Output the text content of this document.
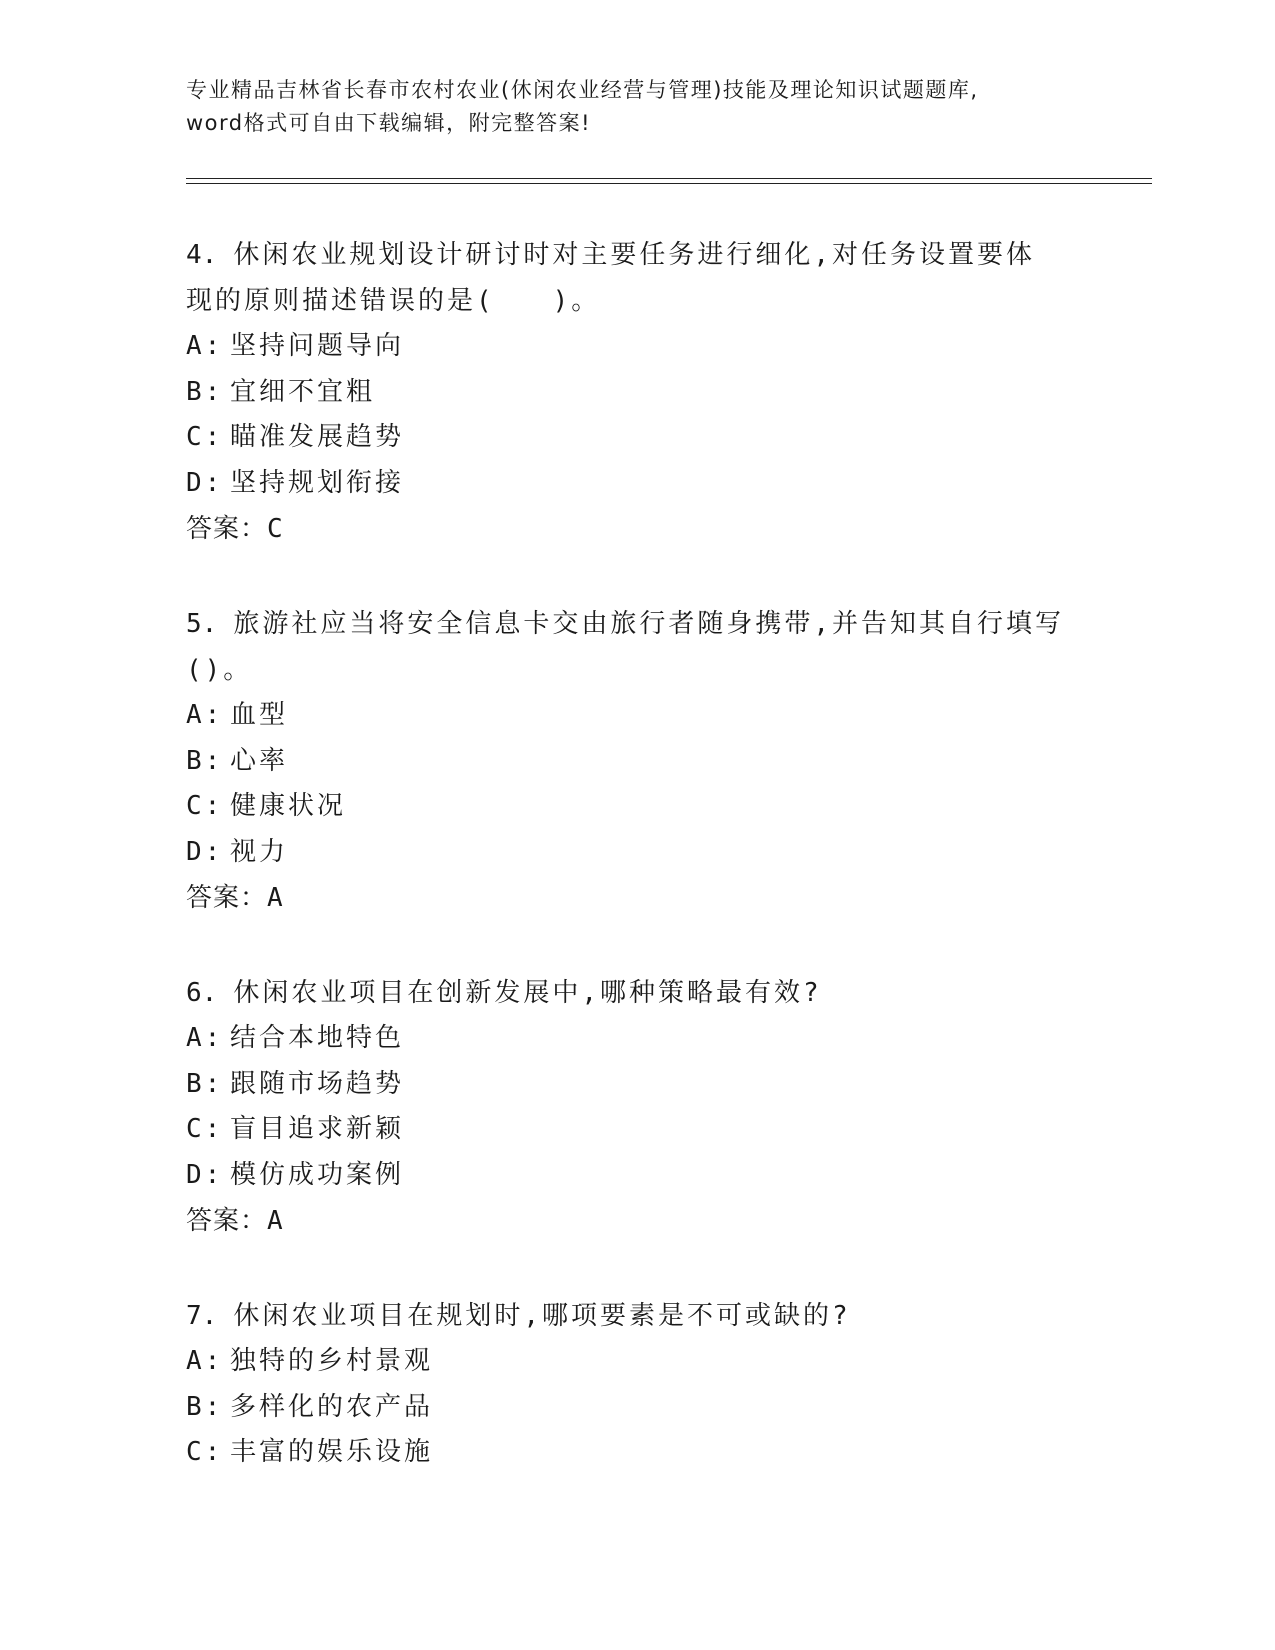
专业精品吉林省长春市农村农业(休闲农业经营与管理)技能及理论知识试题题库,
word格式可自由下载编辑，附完整答案!

4. 休闲农业规划设计研讨时对主要任务进行细化,对任务设置要体现的原则描述错误的是(　　)。

A: 坚持问题导向
B: 宜细不宜粗
C: 瞄准发展趋势
D: 坚持规划衔接

答案：C

5. 旅游社应当将安全信息卡交由旅行者随身携带,并告知其自行填写()。

A: 血型
B: 心率
C: 健康状况
D: 视力

答案：A

6. 休闲农业项目在创新发展中,哪种策略最有效?

A: 结合本地特色
B: 跟随市场趋势
C: 盲目追求新颖
D: 模仿成功案例

答案：A

7. 休闲农业项目在规划时,哪项要素是不可或缺的?

A: 独特的乡村景观
B: 多样化的农产品
C: 丰富的娱乐设施
